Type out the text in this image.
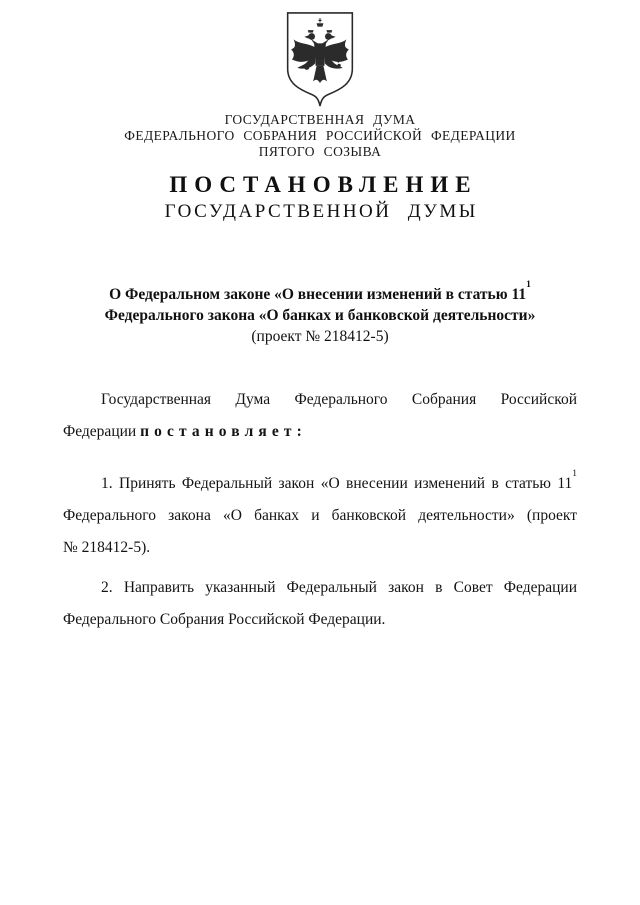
ГОСУДАРСТВЕННАЯ ДУМА
ФЕДЕРАЛЬНОГО СОБРАНИЯ РОССИЙСКОЙ ФЕДЕРАЦИИ
ПЯТОГО СОЗЫВА
ПОСТАНОВЛЕНИЕ
ГОСУДАРСТВЕННОЙ ДУМЫ
О Федеральном законе «О внесении изменений в статью $11^1$
Федерального закона «О банках и банковской деятельности»
(проект № 218412-5)
Государственная Дума Федерального Собрания Российской
Федерации постановляет:
1. Принять Федеральный закон «О внесении изменений в статью $11^1$
Федерального закона «О банках и банковской деятельности» (проект
№ 218412-5).
2. Направить указанный Федеральный закон в Совет Федерации
Федерального Собрания Российской Федерации.
